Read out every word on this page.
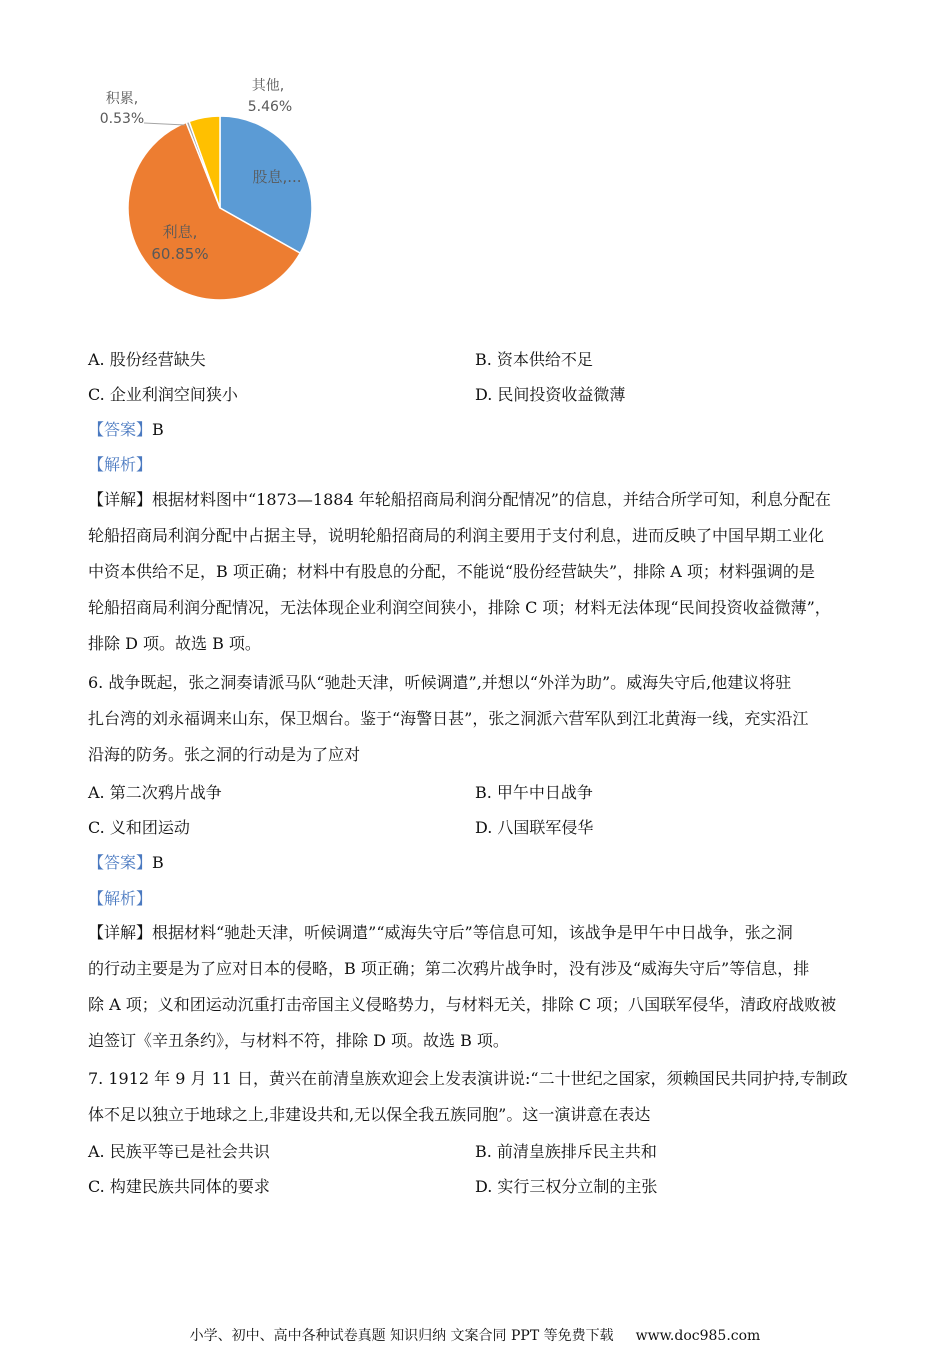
其他,
5.46%
积累,
0.53%
股息,...
利息,
60.85%
A. 股份经营缺失	B. 资本供给不足
C. 企业利润空间狭小	D. 民间投资收益微薄
【答案】B
【解析】
【详解】根据材料图中“1873—1884 年轮船招商局利润分配情况”的信息，并结合所学可知，利息分配在
轮船招商局利润分配中占据主导，说明轮船招商局的利润主要用于支付利息，进而反映了中国早期工业化
中资本供给不足，B 项正确；材料中有股息的分配，不能说“股份经营缺失”，排除 A 项；材料强调的是
轮船招商局利润分配情况，无法体现企业利润空间狭小，排除 C 项；材料无法体现“民间投资收益微薄”，
排除 D 项。故选 B 项。
6. 战争既起，张之洞奏请派马队“驰赴天津，听候调遣”,并想以“外洋为助”。威海失守后,他建议将驻
扎台湾的刘永福调来山东，保卫烟台。鉴于“海警日甚”，张之洞派六营军队到江北黄海一线，充实沿江
沿海的防务。张之洞的行动是为了应对
A. 第二次鸦片战争	B. 甲午中日战争
C. 义和团运动	D. 八国联军侵华
【答案】B
【解析】
【详解】根据材料“驰赴天津，听候调遣”“威海失守后”等信息可知，该战争是甲午中日战争，张之洞
的行动主要是为了应对日本的侵略，B 项正确；第二次鸦片战争时，没有涉及“威海失守后”等信息，排
除 A 项；义和团运动沉重打击帝国主义侵略势力，与材料无关，排除 C 项；八国联军侵华，清政府战败被
迫签订《辛丑条约》，与材料不符，排除 D 项。故选 B 项。
7. 1912 年 9 月 11 日，黄兴在前清皇族欢迎会上发表演讲说:“二十世纪之国家，须赖国民共同护持,专制政
体不足以独立于地球之上,非建设共和,无以保全我五族同胞”。这一演讲意在表达
A. 民族平等已是社会共识	B. 前清皇族排斥民主共和
C. 构建民族共同体的要求	D. 实行三权分立制的主张
小学、初中、高中各种试卷真题 知识归纳 文案合同 PPT 等免费下载 www.doc985.com
